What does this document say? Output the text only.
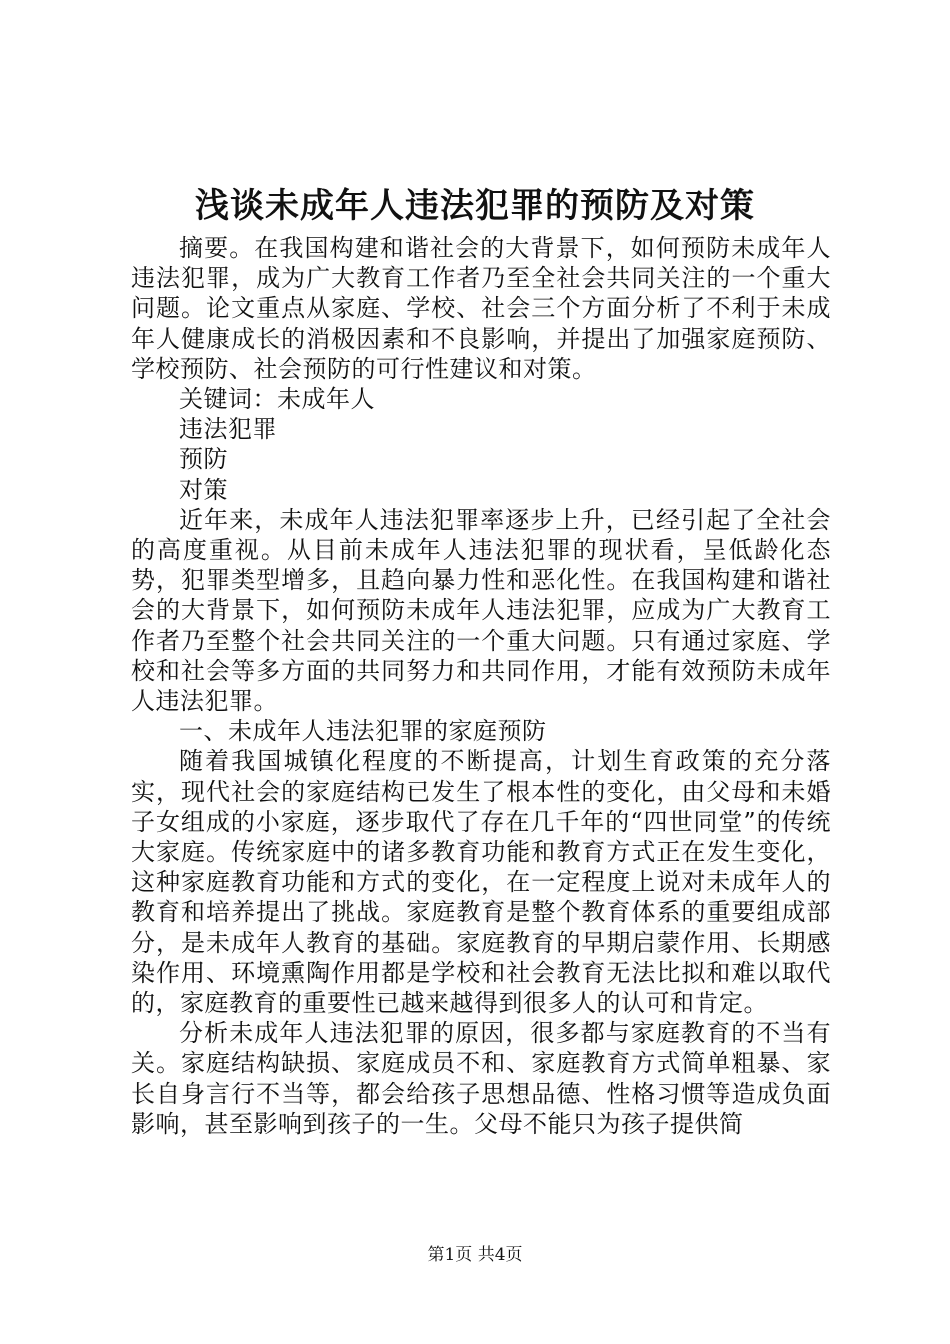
浅谈未成年人违法犯罪的预防及对策

摘要。在我国构建和谐社会的大背景下，如何预防未成年人违法犯罪，成为广大教育工作者乃至全社会共同关注的一个重大问题。论文重点从家庭、学校、社会三个方面分析了不利于未成年人健康成长的消极因素和不良影响，并提出了加强家庭预防、学校预防、社会预防的可行性建议和对策。

关键词：未成年人

违法犯罪

预防

对策

近年来，未成年人违法犯罪率逐步上升，已经引起了全社会的高度重视。从目前未成年人违法犯罪的现状看，呈低龄化态势，犯罪类型增多，且趋向暴力性和恶化性。在我国构建和谐社会的大背景下，如何预防未成年人违法犯罪，应成为广大教育工作者乃至整个社会共同关注的一个重大问题。只有通过家庭、学校和社会等多方面的共同努力和共同作用，才能有效预防未成年人违法犯罪。

一、未成年人违法犯罪的家庭预防

随着我国城镇化程度的不断提高，计划生育政策的充分落实，现代社会的家庭结构已发生了根本性的变化，由父母和未婚子女组成的小家庭，逐步取代了存在几千年的“四世同堂”的传统大家庭。传统家庭中的诸多教育功能和教育方式正在发生变化，这种家庭教育功能和方式的变化，在一定程度上说对未成年人的教育和培养提出了挑战。家庭教育是整个教育体系的重要组成部分，是未成年人教育的基础。家庭教育的早期启蒙作用、长期感染作用、环境熏陶作用都是学校和社会教育无法比拟和难以取代的，家庭教育的重要性已越来越得到很多人的认可和肯定。

分析未成年人违法犯罪的原因，很多都与家庭教育的不当有关。家庭结构缺损、家庭成员不和、家庭教育方式简单粗暴、家长自身言行不当等，都会给孩子思想品德、性格习惯等造成负面影响，甚至影响到孩子的一生。父母不能只为孩子提供简

第1页 共4页
